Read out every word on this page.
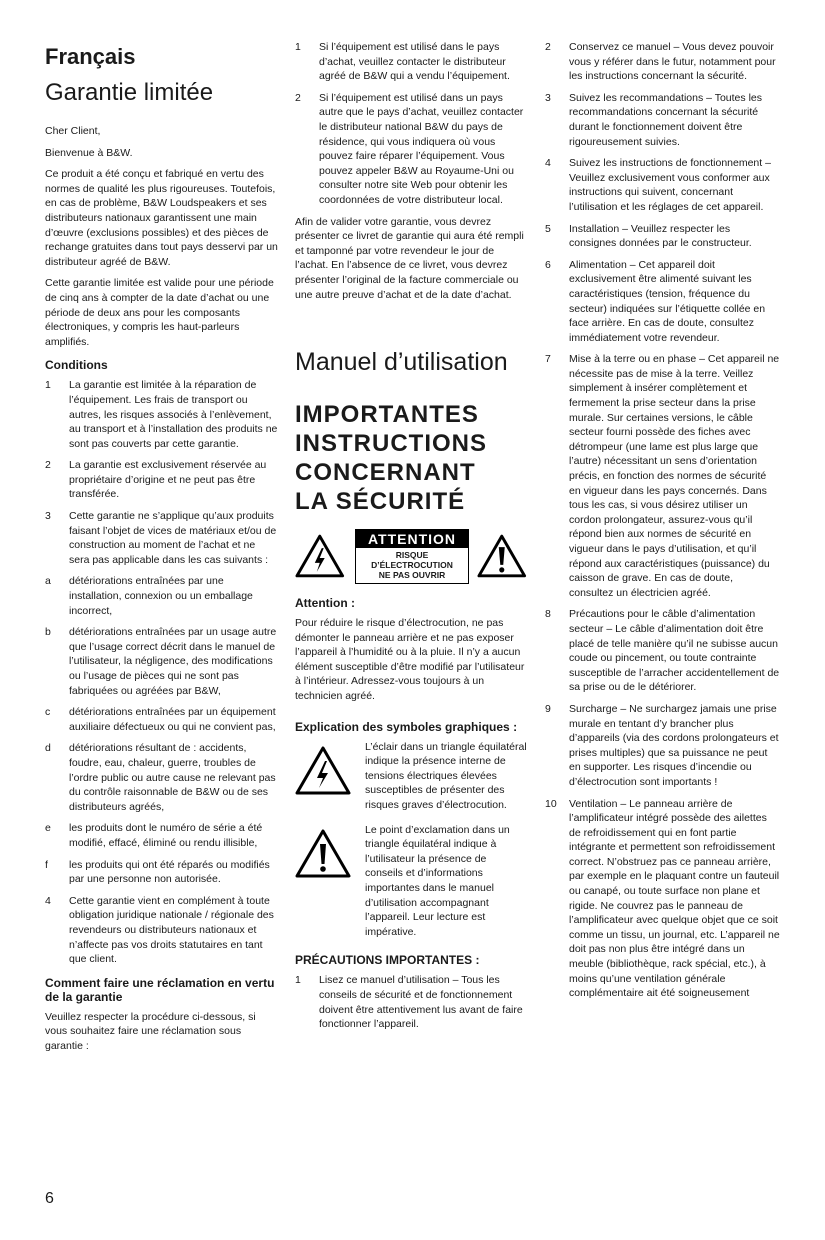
Français
Garantie limitée

Cher Client,

Bienvenue à B&W.

Ce produit a été conçu et fabriqué en vertu des normes de qualité les plus rigoureuses. Toutefois, en cas de problème, B&W Loudspeakers et ses distributeurs nationaux garantissent une main d’œuvre (exclusions possibles) et des pièces de rechange gratuites dans tout pays desservi par un distributeur agréé de B&W.

Cette garantie limitée est valide pour une période de cinq ans à compter de la date d’achat ou une période de deux ans pour les composants électroniques, y compris les haut-parleurs amplifiés.

Conditions
1	La garantie est limitée à la réparation de l’équipement. Les frais de transport ou autres, les risques associés à l’enlèvement, au transport et à l’installation des produits ne sont pas couverts par cette garantie.
2	La garantie est exclusivement réservée au propriétaire d’origine et ne peut pas être transférée.
3	Cette garantie ne s’applique qu’aux produits faisant l’objet de vices de matériaux et/ou de construction au moment de l’achat et ne sera pas applicable dans les cas suivants :
a	détériorations entraînées par une installation, connexion ou un emballage incorrect,
b	détériorations entraînées par un usage autre que l’usage correct décrit dans le manuel de l’utilisateur, la négligence, des modifications ou l’usage de pièces qui ne sont pas fabriquées ou agréées par B&W,
c	détériorations entraînées par un équipement auxiliaire défectueux ou qui ne convient pas,
d	détériorations résultant de : accidents, foudre, eau, chaleur, guerre, troubles de l’ordre public ou autre cause ne relevant pas du contrôle raisonnable de B&W ou de ses distributeurs agréés,
e	les produits dont le numéro de série a été modifié, effacé, éliminé ou rendu illisible,
f	les produits qui ont été réparés ou modifiés par une personne non autorisée.
4	Cette garantie vient en complément à toute obligation juridique nationale / régionale des revendeurs ou distributeurs nationaux et n’affecte pas vos droits statutaires en tant que client.
Comment faire une réclamation en vertu de la garantie

Veuillez respecter la procédure ci-dessous, si vous souhaitez faire une réclamation sous garantie :

1	Si l’équipement est utilisé dans le pays d’achat, veuillez contacter le distributeur agréé de B&W qui a vendu l’équipement.
2	Si l’équipement est utilisé dans un pays autre que le pays d’achat, veuillez contacter le distributeur national B&W du pays de résidence, qui vous indiquera où vous pouvez faire réparer l’équipement. Vous pouvez appeler B&W au Royaume-Uni ou consulter notre site Web pour obtenir les coordonnées de votre distributeur local.

Afin de valider votre garantie, vous devrez présenter ce livret de garantie qui aura été rempli et tamponné par votre revendeur le jour de l’achat. En l’absence de ce livret, vous devrez présenter l’original de la facture commerciale ou une autre preuve d’achat et de la date d’achat.

Manuel d’utilisation
IMPORTANTES
INSTRUCTIONS
CONCERNANT
LA SÉCURITÉ
ATTENTION
RISQUE D’ÉLECTROCUTION
NE PAS OUVRIR
Attention :

Pour réduire le risque d’électrocution, ne pas démonter le panneau arrière et ne pas exposer l’appareil à l’humidité ou à la pluie. Il n’y a aucun élément susceptible d’être modifié par l’utilisateur à l’intérieur. Adressez-vous toujours à un technicien agréé.

Explication des symboles graphiques :
L’éclair dans un triangle équilatéral indique la présence interne de tensions électriques élevées susceptibles de présenter des risques graves d’électrocution.
Le point d’exclamation dans un triangle équilatéral indique à l’utilisateur la présence de conseils et d’informations importantes dans le manuel d’utilisation accompagnant l’appareil. Leur lecture est impérative.
PRÉCAUTIONS IMPORTANTES :
1	Lisez ce manuel d’utilisation – Tous les conseils de sécurité et de fonctionnement doivent être attentivement lus avant de faire fonctionner l’appareil.
2	Conservez ce manuel – Vous devez pouvoir vous y référer dans le futur, notamment pour les instructions concernant la sécurité.
3	Suivez les recommandations – Toutes les recommandations concernant la sécurité durant le fonctionnement doivent être rigoureusement suivies.
4	Suivez les instructions de fonctionnement – Veuillez exclusivement vous conformer aux instructions qui suivent, concernant l’utilisation et les réglages de cet appareil.
5	Installation – Veuillez respecter les consignes données par le constructeur.
6	Alimentation – Cet appareil doit exclusivement être alimenté suivant les caractéristiques (tension, fréquence du secteur) indiquées sur l’étiquette collée en face arrière. En cas de doute, consultez immédiatement votre revendeur.
7	Mise à la terre ou en phase – Cet appareil ne nécessite pas de mise à la terre. Veillez simplement à insérer complètement et fermement la prise secteur dans la prise murale. Sur certaines versions, le câble secteur fourni possède des fiches avec détrompeur (une lame est plus large que l’autre) nécessitant un sens d’orientation précis, en fonction des normes de sécurité en vigueur dans les pays concernés. Dans tous les cas, si vous désirez utiliser un cordon prolongateur, assurez-vous qu’il répond bien aux normes de sécurité en vigueur dans le pays d’utilisation, et qu’il répond aux caractéristiques (puissance) du caisson de grave. En cas de doute, consultez un électricien agréé.
8	Précautions pour le câble d’alimentation secteur – Le câble d’alimentation doit être placé de telle manière qu’il ne subisse aucun coude ou pincement, ou toute contrainte susceptible de l’arracher accidentellement de sa prise ou de le détériorer.
9	Surcharge – Ne surchargez jamais une prise murale en tentant d’y brancher plus d’appareils (via des cordons prolongateurs et prises multiples) que sa puissance ne peut en supporter. Les risques d’incendie ou d’électrocution sont importants !
10	Ventilation – Le panneau arrière de l’amplificateur intégré possède des ailettes de refroidissement qui en font partie intégrante et permettent son refroidissement correct. N’obstruez pas ce panneau arrière, par exemple en le plaquant contre un fauteuil ou canapé, ou toute surface non plane et rigide. Ne couvrez pas le panneau de l’amplificateur avec quelque objet que ce soit comme un tissu, un journal, etc. L’appareil ne doit pas non plus être intégré dans un meuble (bibliothèque, rack spécial, etc.), à moins qu’une ventilation générale complémentaire ait été soigneusement
6
